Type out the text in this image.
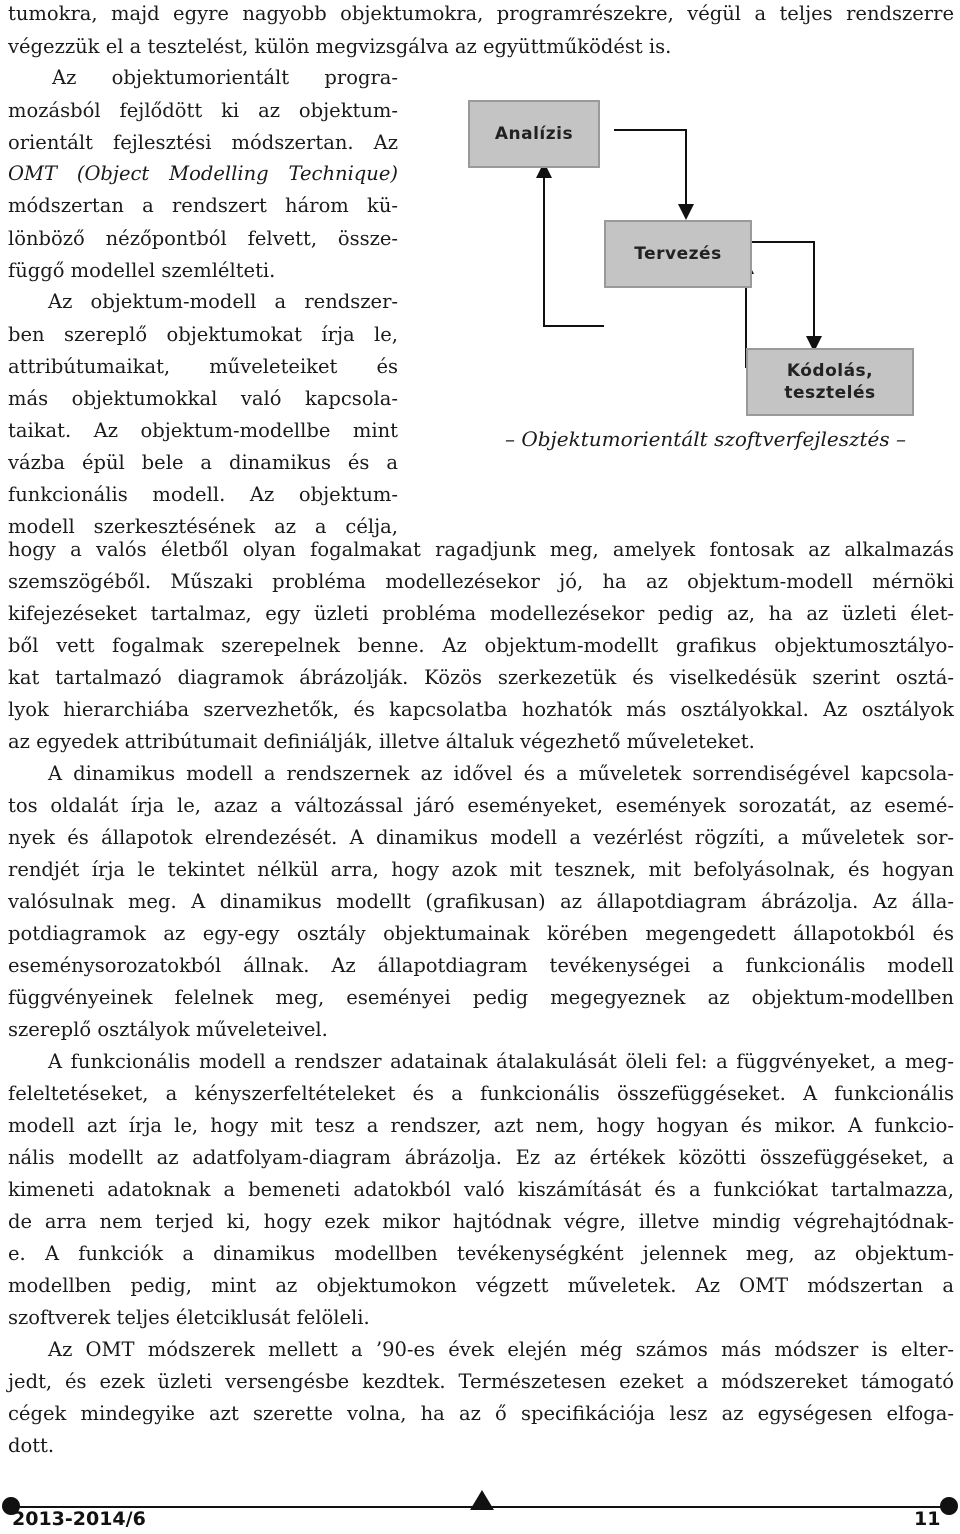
tumokra, majd egyre nagyobb objektumokra, programrészekre, végül a teljes rendszerre
végezzük el a tesztelést, külön megvizsgálva az együttműködést is.
Az objektumorientált progra-
mozásból fejlődött ki az objektum-
orientált fejlesztési módszertan. Az
OMT (Object Modelling Technique)
módszertan a rendszert három kü-
lönböző nézőpontból felvett, össze-
függő modellel szemlélteti.
Az objektum-modell a rendszer-
ben szereplő objektumokat írja le,
attribútumaikat, műveleteiket és
más objektumokkal való kapcsola-
taikat. Az objektum-modellbe mint
vázba épül bele a dinamikus és a
funkcionális modell. Az objektum-
modell szerkesztésének az a célja,
Analízis
Tervezés
Kódolás,
tesztelés
– Objektumorientált szoftverfejlesztés –
hogy a valós életből olyan fogalmakat ragadjunk meg, amelyek fontosak az alkalmazás
szemszögéből. Műszaki probléma modellezésekor jó, ha az objektum-modell mérnöki
kifejezéseket tartalmaz, egy üzleti probléma modellezésekor pedig az, ha az üzleti élet-
ből vett fogalmak szerepelnek benne. Az objektum-modellt grafikus objektumosztályo-
kat tartalmazó diagramok ábrázolják. Közös szerkezetük és viselkedésük szerint osztá-
lyok hierarchiába szervezhetők, és kapcsolatba hozhatók más osztályokkal. Az osztályok
az egyedek attribútumait definiálják, illetve általuk végezhető műveleteket.
A dinamikus modell a rendszernek az idővel és a műveletek sorrendiségével kapcsola-
tos oldalát írja le, azaz a változással járó eseményeket, események sorozatát, az esemé-
nyek és állapotok elrendezését. A dinamikus modell a vezérlést rögzíti, a műveletek sor-
rendjét írja le tekintet nélkül arra, hogy azok mit tesznek, mit befolyásolnak, és hogyan
valósulnak meg. A dinamikus modellt (grafikusan) az állapotdiagram ábrázolja. Az álla-
potdiagramok az egy-egy osztály objektumainak körében megengedett állapotokból és
eseménysorozatokból állnak. Az állapotdiagram tevékenységei a funkcionális modell
függvényeinek felelnek meg, eseményei pedig megegyeznek az objektum-modellben
szereplő osztályok műveleteivel.
A funkcionális modell a rendszer adatainak átalakulását öleli fel: a függvényeket, a meg-
feleltetéseket, a kényszerfeltételeket és a funkcionális összefüggéseket. A funkcionális
modell azt írja le, hogy mit tesz a rendszer, azt nem, hogy hogyan és mikor. A funkcio-
nális modellt az adatfolyam-diagram ábrázolja. Ez az értékek közötti összefüggéseket, a
kimeneti adatoknak a bemeneti adatokból való kiszámítását és a funkciókat tartalmazza,
de arra nem terjed ki, hogy ezek mikor hajtódnak végre, illetve mindig végrehajtódnak-
e. A funkciók a dinamikus modellben tevékenységként jelennek meg, az objektum-
modellben pedig, mint az objektumokon végzett műveletek. Az OMT módszertan a
szoftverek teljes életciklusát felöleli.
Az OMT módszerek mellett a ’90-es évek elején még számos más módszer is elter-
jedt, és ezek üzleti versengésbe kezdtek. Természetesen ezeket a módszereket támogató
cégek mindegyike azt szerette volna, ha az ő specifikációja lesz az egységesen elfoga-
dott.
2013-2014/6	11
